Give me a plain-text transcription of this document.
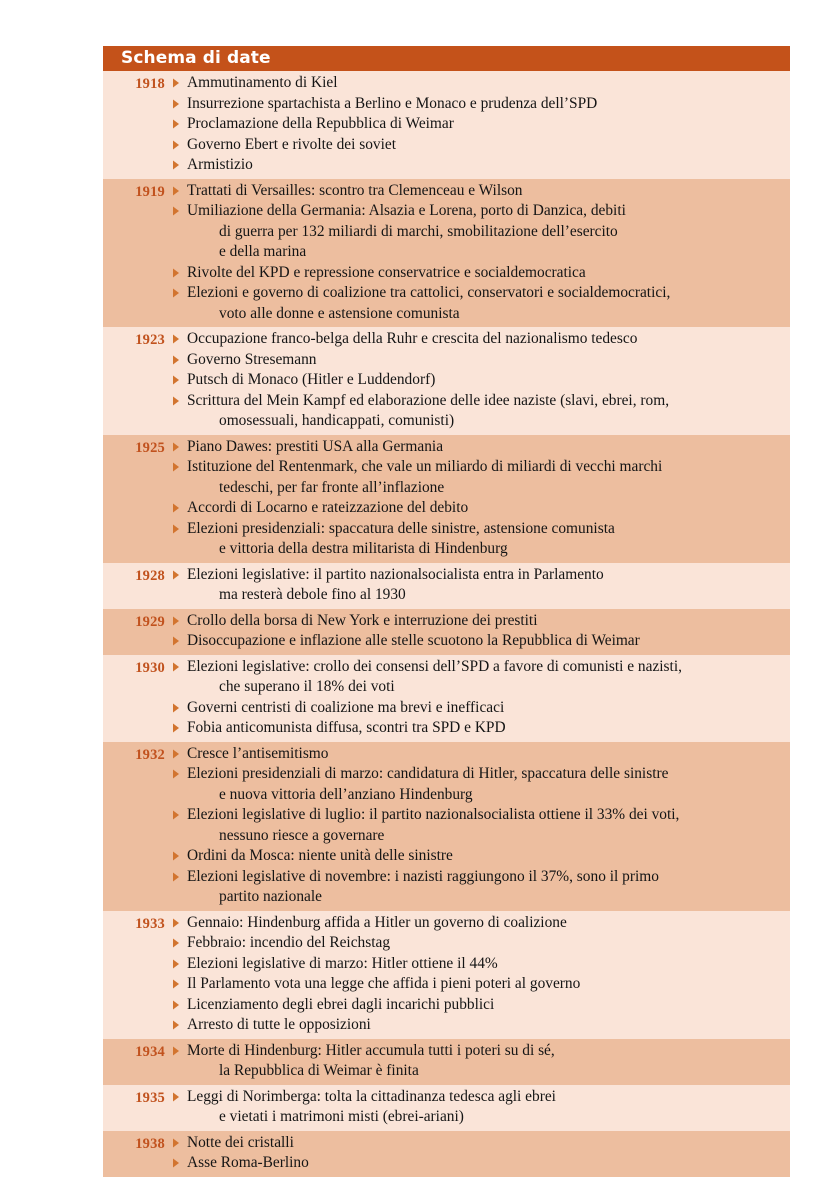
Schema di date
1918 Ammutinamento di Kiel
Insurrezione spartachista a Berlino e Monaco e prudenza dell’SPD
Proclamazione della Repubblica di Weimar
Governo Ebert e rivolte dei soviet
Armistizio
1919 Trattati di Versailles: scontro tra Clemenceau e Wilson
Umiliazione della Germania: Alsazia e Lorena, porto di Danzica, debiti
di guerra per 132 miliardi di marchi, smobilitazione dell’esercito
e della marina
Rivolte del KPD e repressione conservatrice e socialdemocratica
Elezioni e governo di coalizione tra cattolici, conservatori e socialdemocratici,
voto alle donne e astensione comunista
1923 Occupazione franco-belga della Ruhr e crescita del nazionalismo tedesco
Governo Stresemann
Putsch di Monaco (Hitler e Luddendorf)
Scrittura del Mein Kampf ed elaborazione delle idee naziste (slavi, ebrei, rom,
omosessuali, handicappati, comunisti)
1925 Piano Dawes: prestiti USA alla Germania
Istituzione del Rentenmark, che vale un miliardo di miliardi di vecchi marchi
tedeschi, per far fronte all’inflazione
Accordi di Locarno e rateizzazione del debito
Elezioni presidenziali: spaccatura delle sinistre, astensione comunista
e vittoria della destra militarista di Hindenburg
1928 Elezioni legislative: il partito nazionalsocialista entra in Parlamento
ma resterà debole fino al 1930
1929 Crollo della borsa di New York e interruzione dei prestiti
Disoccupazione e inflazione alle stelle scuotono la Repubblica di Weimar
1930 Elezioni legislative: crollo dei consensi dell’SPD a favore di comunisti e nazisti,
che superano il 18% dei voti
Governi centristi di coalizione ma brevi e inefficaci
Fobia anticomunista diffusa, scontri tra SPD e KPD
1932 Cresce l’antisemitismo
Elezioni presidenziali di marzo: candidatura di Hitler, spaccatura delle sinistre
e nuova vittoria dell’anziano Hindenburg
Elezioni legislative di luglio: il partito nazionalsocialista ottiene il 33% dei voti,
nessuno riesce a governare
Ordini da Mosca: niente unità delle sinistre
Elezioni legislative di novembre: i nazisti raggiungono il 37%, sono il primo
partito nazionale
1933 Gennaio: Hindenburg affida a Hitler un governo di coalizione
Febbraio: incendio del Reichstag
Elezioni legislative di marzo: Hitler ottiene il 44%
Il Parlamento vota una legge che affida i pieni poteri al governo
Licenziamento degli ebrei dagli incarichi pubblici
Arresto di tutte le opposizioni
1934 Morte di Hindenburg: Hitler accumula tutti i poteri su di sé,
la Repubblica di Weimar è finita
1935 Leggi di Norimberga: tolta la cittadinanza tedesca agli ebrei
e vietati i matrimoni misti (ebrei-ariani)
1938 Notte dei cristalli
Asse Roma-Berlino
